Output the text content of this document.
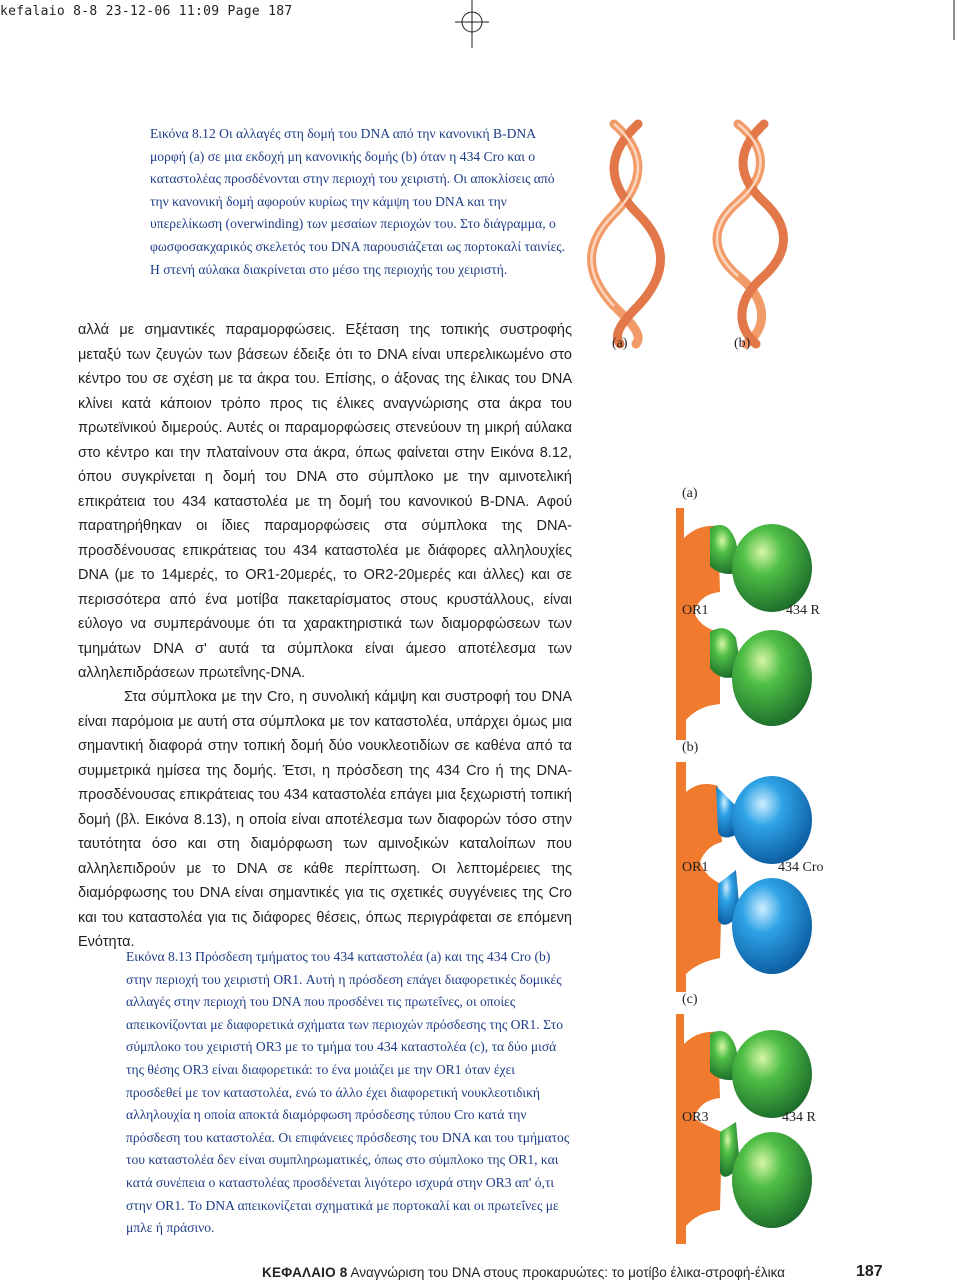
kefalaio 8-8 23-12-06 11:09 Page 187
Εικόνα 8.12 Οι αλλαγές στη δομή του DNA από την κανονική B-DNA μορφή (a) σε μια εκδοχή μη κανονικής δομής (b) όταν η 434 Cro και ο καταστολέας προσδένονται στην περιοχή του χειριστή. Οι αποκλίσεις από την κανονική δομή αφορούν κυρίως την κάμψη του DNA και την υπερελίκωση (overwinding) των μεσαίων περιοχών του. Στο διάγραμμα, ο φωσφοσακχαρικός σκελετός του DNA παρουσιάζεται ως πορτοκαλί ταινίες. Η στενή αύλακα διακρίνεται στο μέσο της περιοχής του χειριστή.
(a)	(b)
αλλά με σημαντικές παραμορφώσεις. Εξέταση της τοπικής συστροφής μεταξύ των ζευγών των βάσεων έδειξε ότι το DNA είναι υπερελικωμένο στο κέντρο του σε σχέση με τα άκρα του. Επίσης, ο άξονας της έλικας του DNA κλίνει κατά κάποιον τρόπο προς τις έλικες αναγνώρισης στα άκρα του πρωτεϊνικού διμερούς. Αυτές οι παραμορφώσεις στενεύουν τη μικρή αύλακα στο κέντρο και την πλαταίνουν στα άκρα, όπως φαίνεται στην Εικόνα 8.12, όπου συγκρίνεται η δομή του DNA στο σύμπλοκο με την αμινοτελική επικράτεια του 434 καταστολέα με τη δομή του κανονικού B-DNA. Αφού παρατηρήθηκαν οι ίδιες παραμορφώσεις στα σύμπλοκα της DNA-προσδένουσας επικράτειας του 434 καταστολέα με διάφορες αλληλουχίες DNA (με το 14μερές, το OR1-20μερές, το OR2-20μερές και άλλες) και σε περισσότερα από ένα μοτίβα πακεταρίσματος στους κρυστάλλους, είναι εύλογο να συμπεράνουμε ότι τα χαρακτηριστικά των διαμορφώσεων των τμημάτων DNA σ' αυτά τα σύμπλοκα είναι άμεσο αποτέλεσμα των αλληλεπιδράσεων πρωτεΐνης-DNA.
Στα σύμπλοκα με την Cro, η συνολική κάμψη και συστροφή του DNA είναι παρόμοια με αυτή στα σύμπλοκα με τον καταστολέα, υπάρχει όμως μια σημαντική διαφορά στην τοπική δομή δύο νουκλεοτιδίων σε καθένα από τα συμμετρικά ημίσεα της δομής. Έτσι, η πρόσδεση της 434 Cro ή της DNA-προσδένουσας επικράτειας του 434 καταστολέα επάγει μια ξεχωριστή τοπική δομή (βλ. Εικόνα 8.13), η οποία είναι αποτέλεσμα των διαφορών τόσο στην ταυτότητα όσο και στη διαμόρφωση των αμινοξικών καταλοίπων που αλληλεπιδρούν με το DNA σε κάθε περίπτωση. Οι λεπτομέρειες της διαμόρφωσης του DNA είναι σημαντικές για τις σχετικές συγγένειες της Cro και του καταστολέα για τις διάφορες θέσεις, όπως περιγράφεται σε επόμενη Ενότητα.
(a)
OR1	434 R
(b)
OR1	434 Cro
Εικόνα 8.13 Πρόσδεση τμήματος του 434 καταστολέα (a) και της 434 Cro (b) στην περιοχή του χειριστή OR1. Αυτή η πρόσδεση επάγει διαφορετικές δομικές αλλαγές στην περιοχή του DNA που προσδένει τις πρωτεΐνες, οι οποίες απεικονίζονται με διαφορετικά σχήματα των περιοχών πρόσδεσης της OR1. Στο σύμπλοκο του χειριστή OR3 με το τμήμα του 434 καταστολέα (c), τα δύο μισά της θέσης OR3 είναι διαφορετικά: το ένα μοιάζει με την OR1 όταν έχει προσδεθεί με τον καταστολέα, ενώ το άλλο έχει διαφορετική νουκλεοτιδική αλληλουχία η οποία αποκτά διαμόρφωση πρόσδεσης τύπου Cro κατά την πρόσδεση του καταστολέα. Οι επιφάνειες πρόσδεσης του DNA και του τμήματος του καταστολέα δεν είναι συμπληρωματικές, όπως στο σύμπλοκο της OR1, και κατά συνέπεια ο καταστολέας προσδένεται λιγότερο ισχυρά στην OR3 απ' ό,τι στην OR1. Το DNA απεικονίζεται σχηματικά με πορτοκαλί και οι πρωτεΐνες με μπλε ή πράσινο.
(c)
OR3	434 R
ΚΕΦΑΛΑΙΟ 8 Αναγνώριση του DNA στους προκαρυώτες: το μοτίβο έλικα-στροφή-έλικα	187
